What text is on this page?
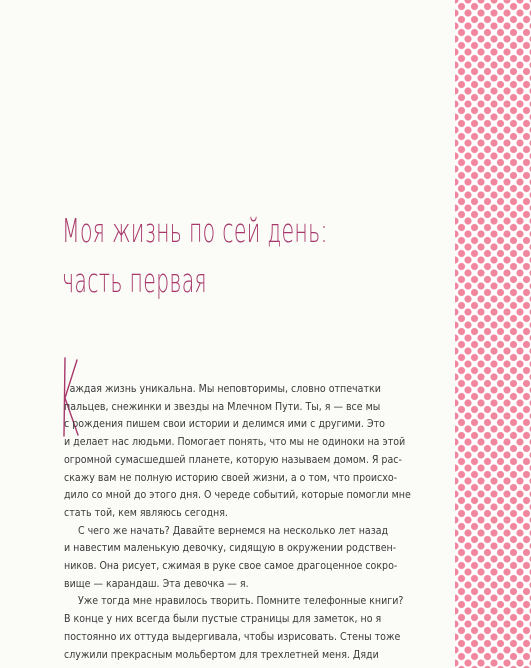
Моя жизнь по сей день:
часть первая
аждая жизнь уникальна. Мы неповторимы, словно отпечатки
пальцев, снежинки и звезды на Млечном Пути. Ты, я — все мы
с рождения пишем свои истории и делимся ими с другими. Это
и делает нас людьми. Помогает понять, что мы не одиноки на этой
огромной сумасшедшей планете, которую называем домом. Я рас-
скажу вам не полную историю своей жизни, а о том, что происхо-
дило со мной до этого дня. О череде событий, которые помогли мне
стать той, кем являюсь сегодня.
С чего же начать? Давайте вернемся на несколько лет назад
и навестим маленькую девочку, сидящую в окружении родствен-
ников. Она рисует, сжимая в руке свое самое драгоценное сокро-
вище — карандаш. Эта девочка — я.
Уже тогда мне нравилось творить. Помните телефонные книги?
В конце у них всегда были пустые страницы для заметок, но я
постоянно их оттуда выдергивала, чтобы изрисовать. Стены тоже
служили прекрасным мольбертом для трехлетней меня. Дяди
